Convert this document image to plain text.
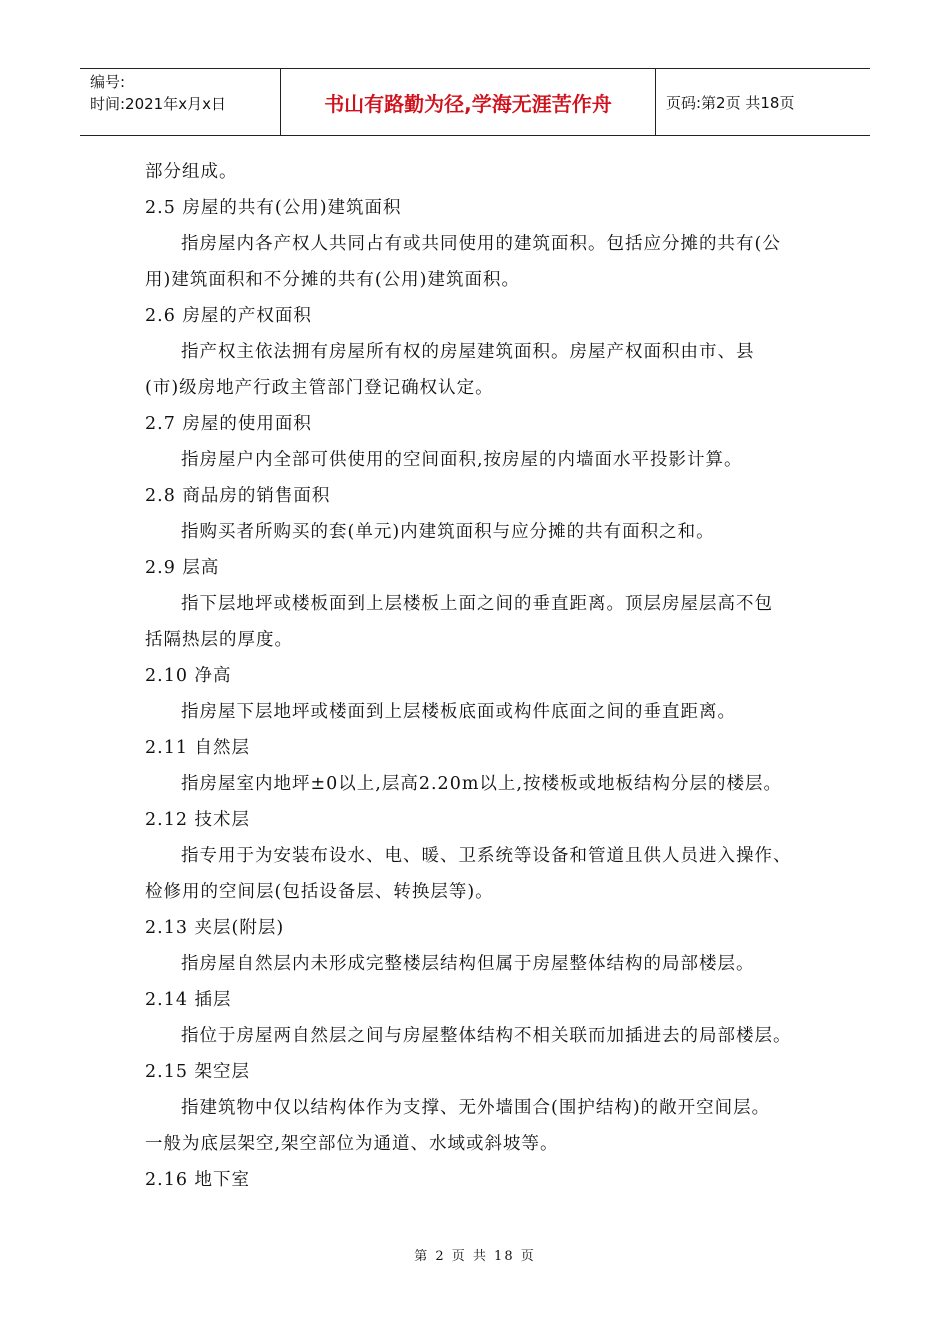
编号:
时间:2021年x月x日	书山有路勤为径,学海无涯苦作舟	页码:第2页 共18页
部分组成。
2.5 房屋的共有(公用)建筑面积
指房屋内各产权人共同占有或共同使用的建筑面积。包括应分摊的共有(公
用)建筑面积和不分摊的共有(公用)建筑面积。
2.6 房屋的产权面积
指产权主依法拥有房屋所有权的房屋建筑面积。房屋产权面积由市、县
(市)级房地产行政主管部门登记确权认定。
2.7 房屋的使用面积
指房屋户内全部可供使用的空间面积,按房屋的内墙面水平投影计算。
2.8 商品房的销售面积
指购买者所购买的套(单元)内建筑面积与应分摊的共有面积之和。
2.9 层高
指下层地坪或楼板面到上层楼板上面之间的垂直距离。顶层房屋层高不包
括隔热层的厚度。
2.10 净高
指房屋下层地坪或楼面到上层楼板底面或构件底面之间的垂直距离。
2.11 自然层
指房屋室内地坪±0以上,层高2.20m以上,按楼板或地板结构分层的楼层。
2.12 技术层
指专用于为安装布设水、电、暖、卫系统等设备和管道且供人员进入操作、
检修用的空间层(包括设备层、转换层等)。
2.13 夹层(附层)
指房屋自然层内未形成完整楼层结构但属于房屋整体结构的局部楼层。
2.14 插层
指位于房屋两自然层之间与房屋整体结构不相关联而加插进去的局部楼层。
2.15 架空层
指建筑物中仅以结构体作为支撑、无外墙围合(围护结构)的敞开空间层。
一般为底层架空,架空部位为通道、水域或斜坡等。
2.16 地下室
第 2 页 共 18 页
